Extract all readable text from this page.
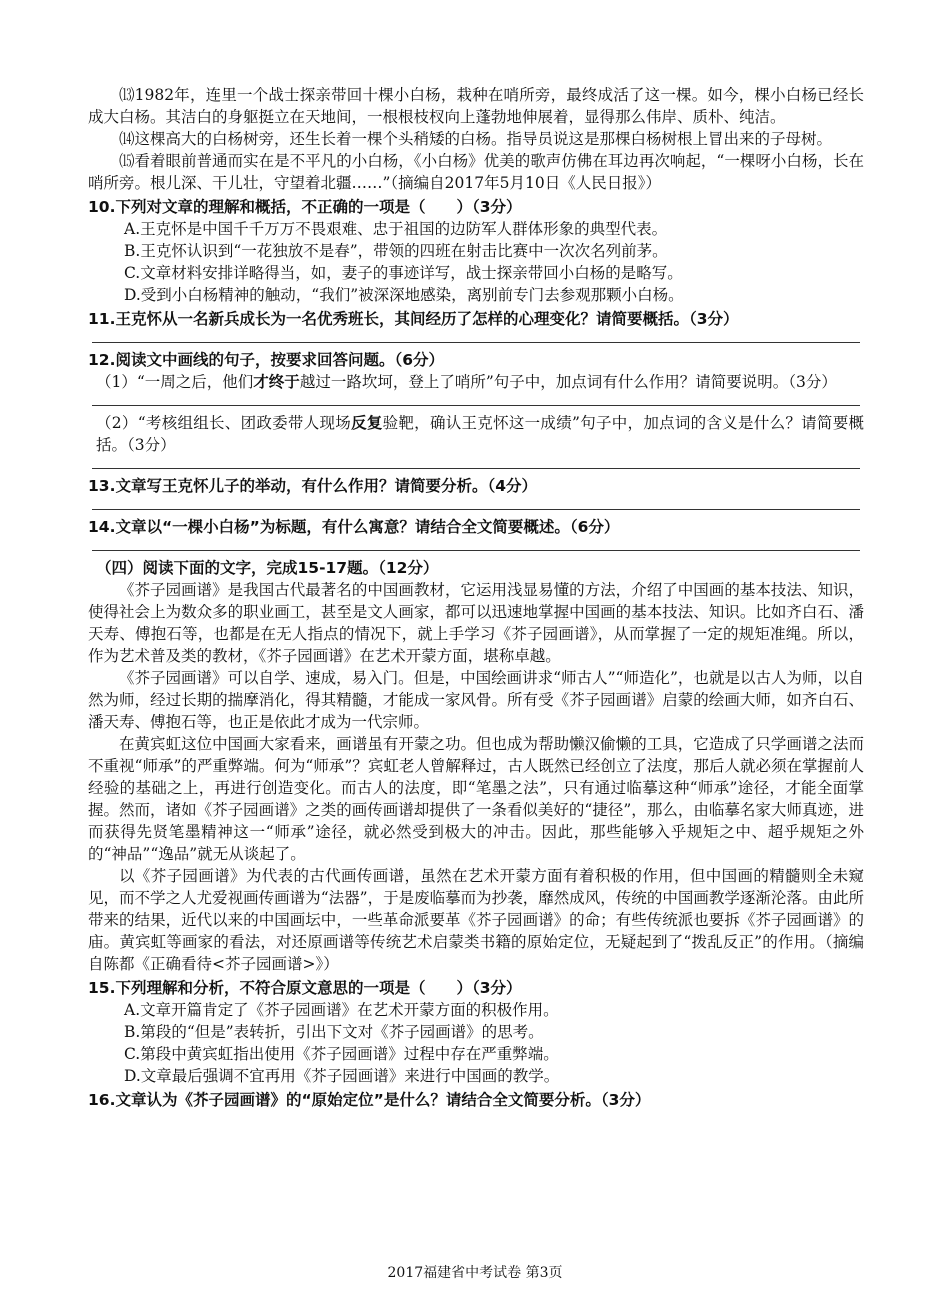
⒀1982年，连里一个战士探亲带回十棵小白杨，栽种在哨所旁，最终成活了这一棵。如今，棵小白杨已经长成大白杨。其洁白的身躯挺立在天地间，一根根枝杈向上蓬勃地伸展着，显得那么伟岸、质朴、纯洁。

⒁这棵高大的白杨树旁，还生长着一棵个头稍矮的白杨。指导员说这是那棵白杨树根上冒出来的子母树。

⒂看着眼前普通而实在是不平凡的小白杨，《小白杨》优美的歌声仿佛在耳边再次响起，“一棵呀小白杨，长在哨所旁。根儿深、干儿壮，守望着北疆……”（摘编自2017年5月10日《人民日报》）

10.下列对文章的理解和概括，不正确的一项是（　　）（3分）

A.王克怀是中国千千万万不畏艰难、忠于祖国的边防军人群体形象的典型代表。

B.王克怀认识到“一花独放不是春”，带领的四班在射击比赛中一次次名列前茅。

C.文章材料安排详略得当，如，妻子的事迹详写，战士探亲带回小白杨的是略写。

D.受到小白杨精神的触动，“我们”被深深地感染，离别前专门去参观那颗小白杨。

11.王克怀从一名新兵成长为一名优秀班长，其间经历了怎样的心理变化？请简要概括。（3分）

12.阅读文中画线的句子，按要求回答问题。（6分）

（1）“一周之后，他们才终于越过一路坎坷，登上了哨所”句子中，加点词有什么作用？请简要说明。（3分）

（2）“考核组组长、团政委带人现场反复验靶，确认王克怀这一成绩”句子中，加点词的含义是什么？请简要概括。（3分）

13.文章写王克怀儿子的举动，有什么作用？请简要分析。（4分）

14.文章以“一棵小白杨”为标题，有什么寓意？请结合全文简要概述。（6分）

（四）阅读下面的文字，完成15-17题。（12分）

《芥子园画谱》是我国古代最著名的中国画教材，它运用浅显易懂的方法，介绍了中国画的基本技法、知识，使得社会上为数众多的职业画工，甚至是文人画家，都可以迅速地掌握中国画的基本技法、知识。比如齐白石、潘天寿、傅抱石等，也都是在无人指点的情况下，就上手学习《芥子园画谱》，从而掌握了一定的规矩准绳。所以，作为艺术普及类的教材，《芥子园画谱》在艺术开蒙方面，堪称卓越。

《芥子园画谱》可以自学、速成，易入门。但是，中国绘画讲求“师古人”“师造化”，也就是以古人为师，以自然为师，经过长期的揣摩消化，得其精髓，才能成一家风骨。所有受《芥子园画谱》启蒙的绘画大师，如齐白石、潘天寿、傅抱石等，也正是依此才成为一代宗师。

在黄宾虹这位中国画大家看来，画谱虽有开蒙之功。但也成为帮助懒汉偷懒的工具，它造成了只学画谱之法而不重视“师承”的严重弊端。何为“师承”？宾虹老人曾解释过，古人既然已经创立了法度，那后人就必须在掌握前人经验的基础之上，再进行创造变化。而古人的法度，即“笔墨之法”，只有通过临摹这种“师承”途径，才能全面掌握。然而，诸如《芥子园画谱》之类的画传画谱却提供了一条看似美好的“捷径”，那么，由临摹名家大师真迹，进而获得先贤笔墨精神这一“师承”途径，就必然受到极大的冲击。因此，那些能够入乎规矩之中、超乎规矩之外的“神品”“逸品”就无从谈起了。

以《芥子园画谱》为代表的古代画传画谱，虽然在艺术开蒙方面有着积极的作用，但中国画的精髓则全未窥见，而不学之人尤爱视画传画谱为“法器”，于是废临摹而为抄袭，靡然成风，传统的中国画教学逐渐沦落。由此所带来的结果，近代以来的中国画坛中，一些革命派要革《芥子园画谱》的命；有些传统派也要拆《芥子园画谱》的庙。黄宾虹等画家的看法，对还原画谱等传统艺术启蒙类书籍的原始定位，无疑起到了“拨乱反正”的作用。（摘编自陈都《正确看待<芥子园画谱>》）

15.下列理解和分析，不符合原文意思的一项是（　　）（3分）

A.文章开篇肯定了《芥子园画谱》在艺术开蒙方面的积极作用。

B.第段的“但是”表转折，引出下文对《芥子园画谱》的思考。

C.第段中黄宾虹指出使用《芥子园画谱》过程中存在严重弊端。

D.文章最后强调不宜再用《芥子园画谱》来进行中国画的教学。

16.文章认为《芥子园画谱》的“原始定位”是什么？请结合全文简要分析。（3分）

2017福建省中考试卷 第3页
